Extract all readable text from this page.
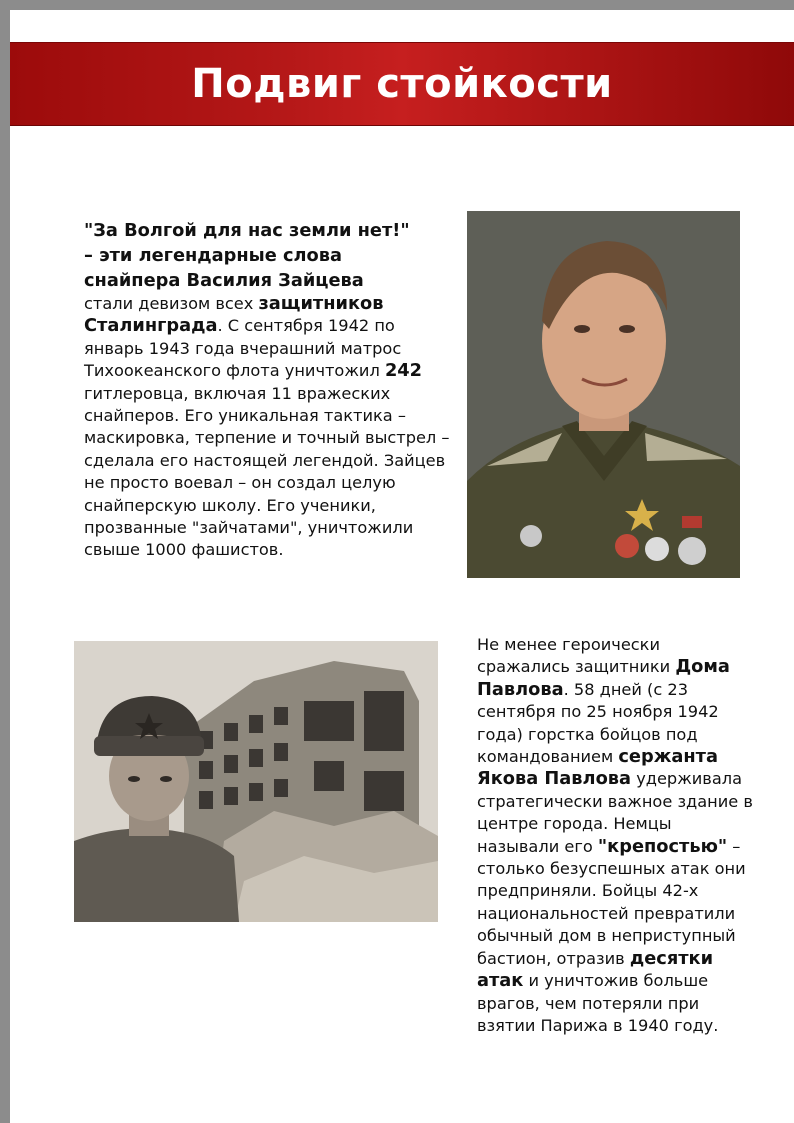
Подвиг стойкости
"За Волгой для нас земли нет!"
– эти легендарные слова
снайпера Василия Зайцева
стали девизом всех защитников Сталинграда. С сентября 1942 по январь 1943 года вчерашний матрос Тихоокеанского флота уничтожил 242 гитлеровца, включая 11 вражеских снайперов. Его уникальная тактика – маскировка, терпение и точный выстрел – сделала его настоящей легендой. Зайцев не просто воевал – он создал целую снайперскую школу. Его ученики, прозванные "зайчатами", уничтожили свыше 1000 фашистов.
Не менее героически сражались защитники Дома Павлова. 58 дней (с 23 сентября по 25 ноября 1942 года) горстка бойцов под командованием сержанта Якова Павлова удерживала стратегически важное здание в центре города. Немцы называли его "крепостью" – столько безуспешных атак они предприняли. Бойцы 42-х национальностей превратили обычный дом в неприступный бастион, отразив десятки атак и уничтожив больше врагов, чем потеряли при взятии Парижа в 1940 году.
